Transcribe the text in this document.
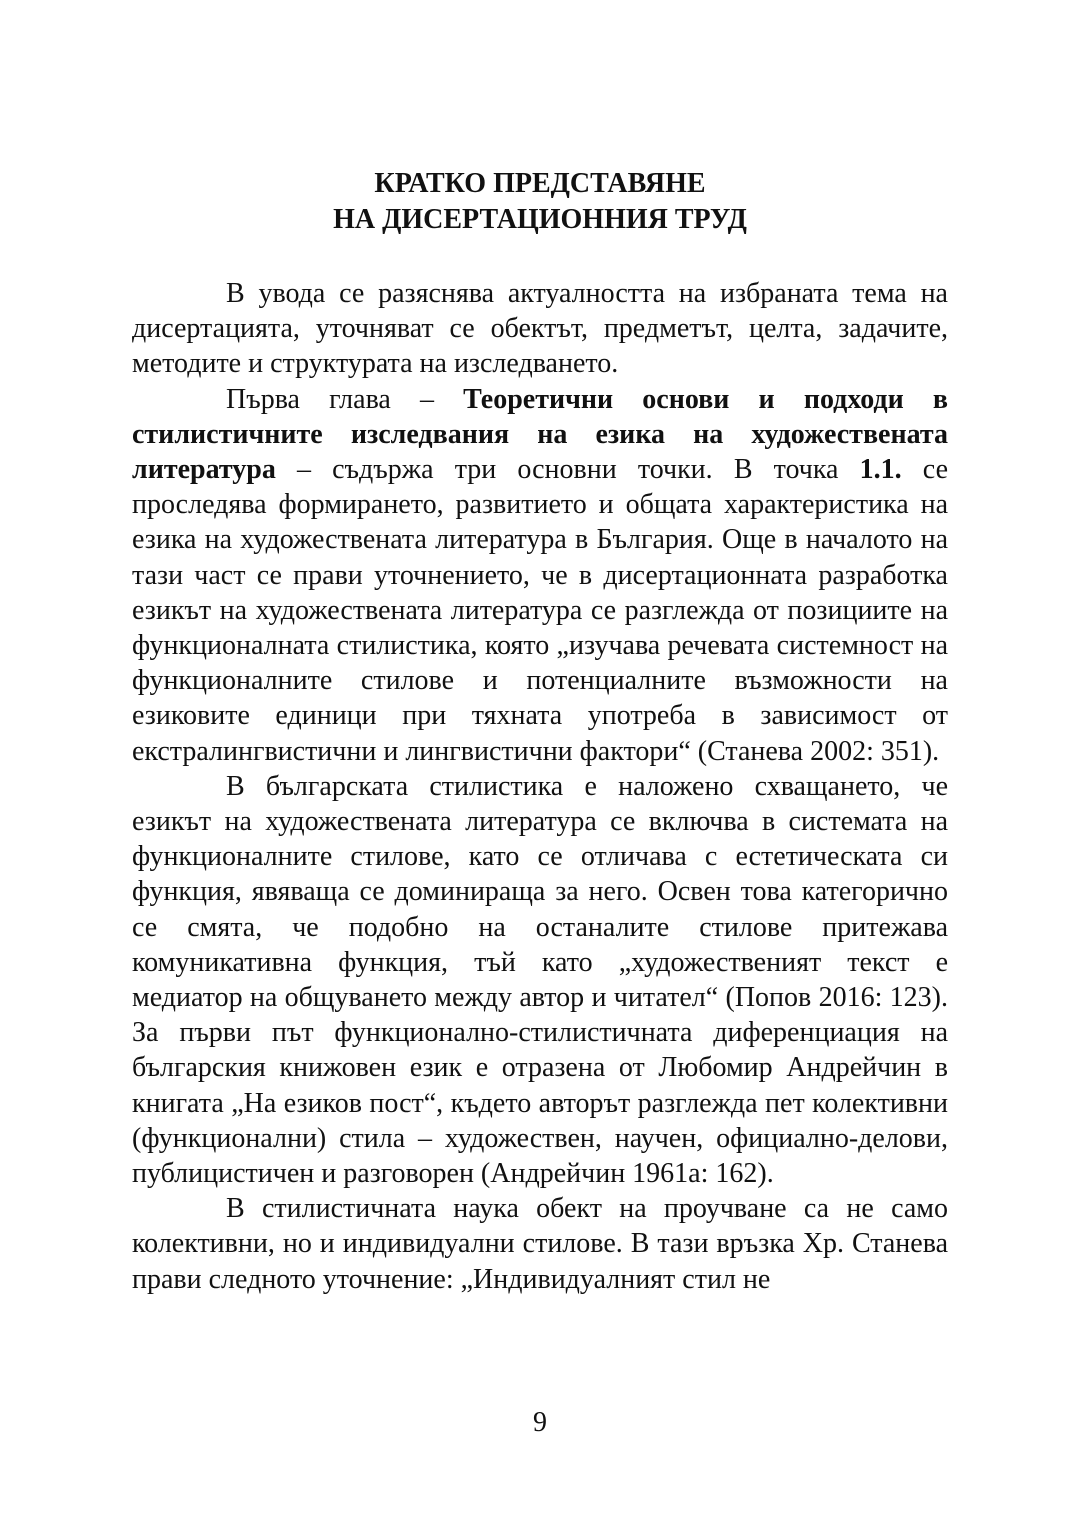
КРАТКО ПРЕДСТАВЯНЕ
НА ДИСЕРТАЦИОННИЯ ТРУД

В увода се разяснява актуалността на избраната тема на дисертацията, уточняват се обектът, предметът, целта, задачите, методите и структурата на изследването.

Първа глава – Теоретични основи и подходи в стилистичните изследвания на езика на художествената литература – съдържа три основни точки. В точка 1.1. се проследява формирането, развитието и общата характеристика на езика на художествената литература в България. Още в началото на тази част се прави уточнението, че в дисертационната разработка езикът на художествената литература се разглежда от позициите на функционалната стилистика, която „изучава речевата системност на функционалните стилове и потенциалните възможности на езиковите единици при тяхната употреба в зависимост от екстралингвистични и лингвистични фактори“ (Станева 2002: 351).

В българската стилистика е наложено схващането, че езикът на художествената литература се включва в системата на функционалните стилове, като се отличава с естетическата си функция, явяваща се доминираща за него. Освен това категорично се смята, че подобно на останалите стилове притежава комуникативна функция, тъй като „художественият текст е медиатор на общуването между автор и читател“ (Попов 2016: 123). За първи път функционално-стилистичната диференциация на българския книжовен език е отразена от Любомир Андрейчин в книгата „На езиков пост“, където авторът разглежда пет колективни (функционални) стила – художествен, научен, официално-делови, публицистичен и разговорен (Андрейчин 1961а: 162).

В стилистичната наука обект на проучване са не само колективни, но и индивидуални стилове. В тази връзка Хр. Станева прави следното уточнение: „Индивидуалният стил не

9
